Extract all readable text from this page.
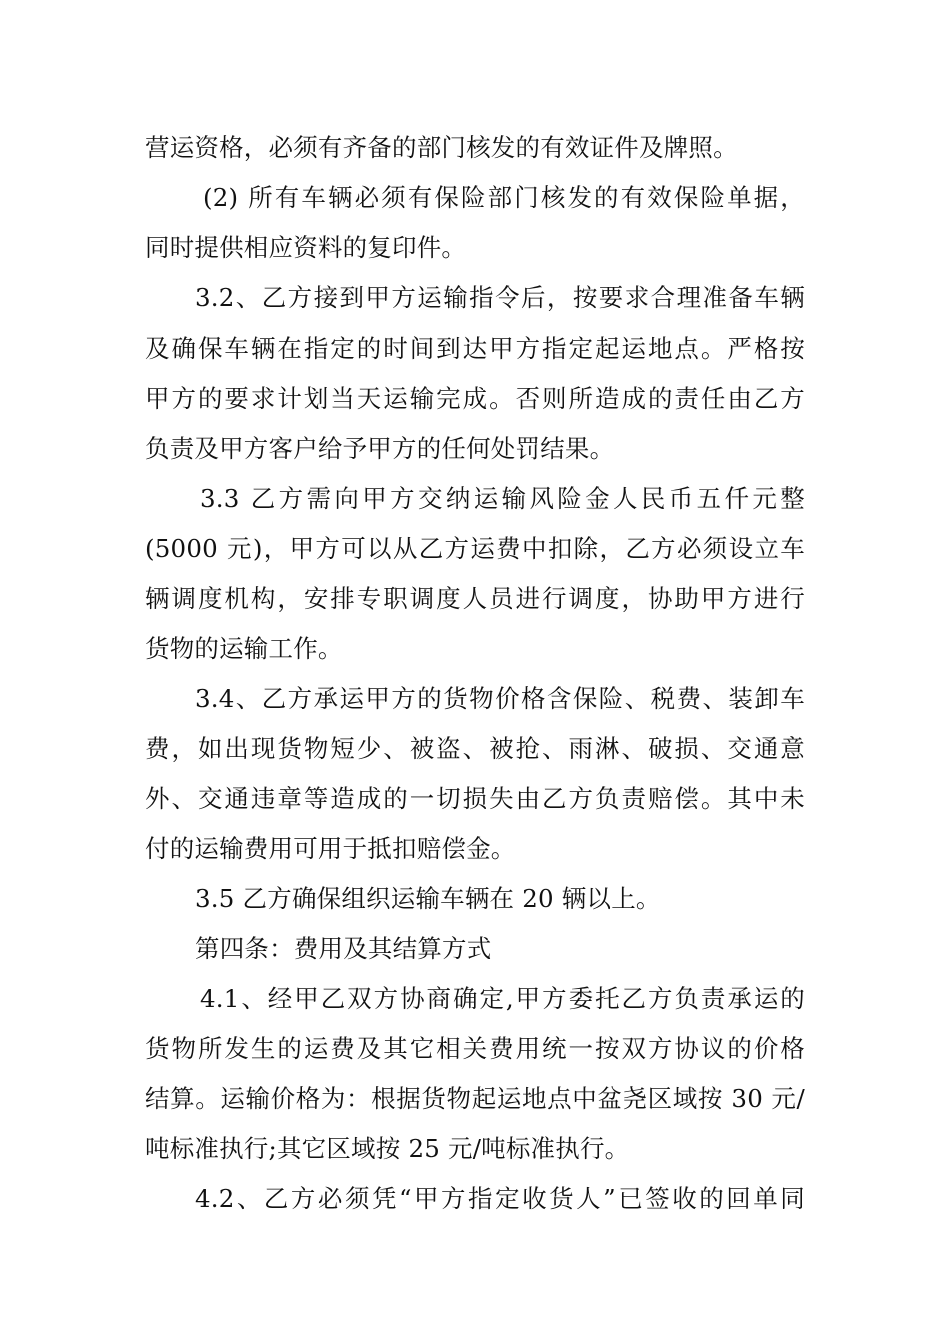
营运资格，必须有齐备的部门核发的有效证件及牌照。
(2) 所有车辆必须有保险部门核发的有效保险单据，
同时提供相应资料的复印件。
3.2、乙方接到甲方运输指令后，按要求合理准备车辆
及确保车辆在指定的时间到达甲方指定起运地点。严格按
甲方的要求计划当天运输完成。否则所造成的责任由乙方
负责及甲方客户给予甲方的任何处罚结果。
3.3 乙方需向甲方交纳运输风险金人民币五仟元整
(5000 元)，甲方可以从乙方运费中扣除，乙方必须设立车
辆调度机构，安排专职调度人员进行调度，协助甲方进行
货物的运输工作。
3.4、乙方承运甲方的货物价格含保险、税费、装卸车
费，如出现货物短少、被盗、被抢、雨淋、破损、交通意
外、交通违章等造成的一切损失由乙方负责赔偿。其中未
付的运输费用可用于抵扣赔偿金。
3.5 乙方确保组织运输车辆在 20 辆以上。
第四条：费用及其结算方式
4.1、经甲乙双方协商确定,甲方委托乙方负责承运的
货物所发生的运费及其它相关费用统一按双方协议的价格
结算。运输价格为：根据货物起运地点中盆尧区域按 30 元/
吨标准执行;其它区域按 25 元/吨标准执行。
4.2、乙方必须凭“甲方指定收货人”已签收的回单同
